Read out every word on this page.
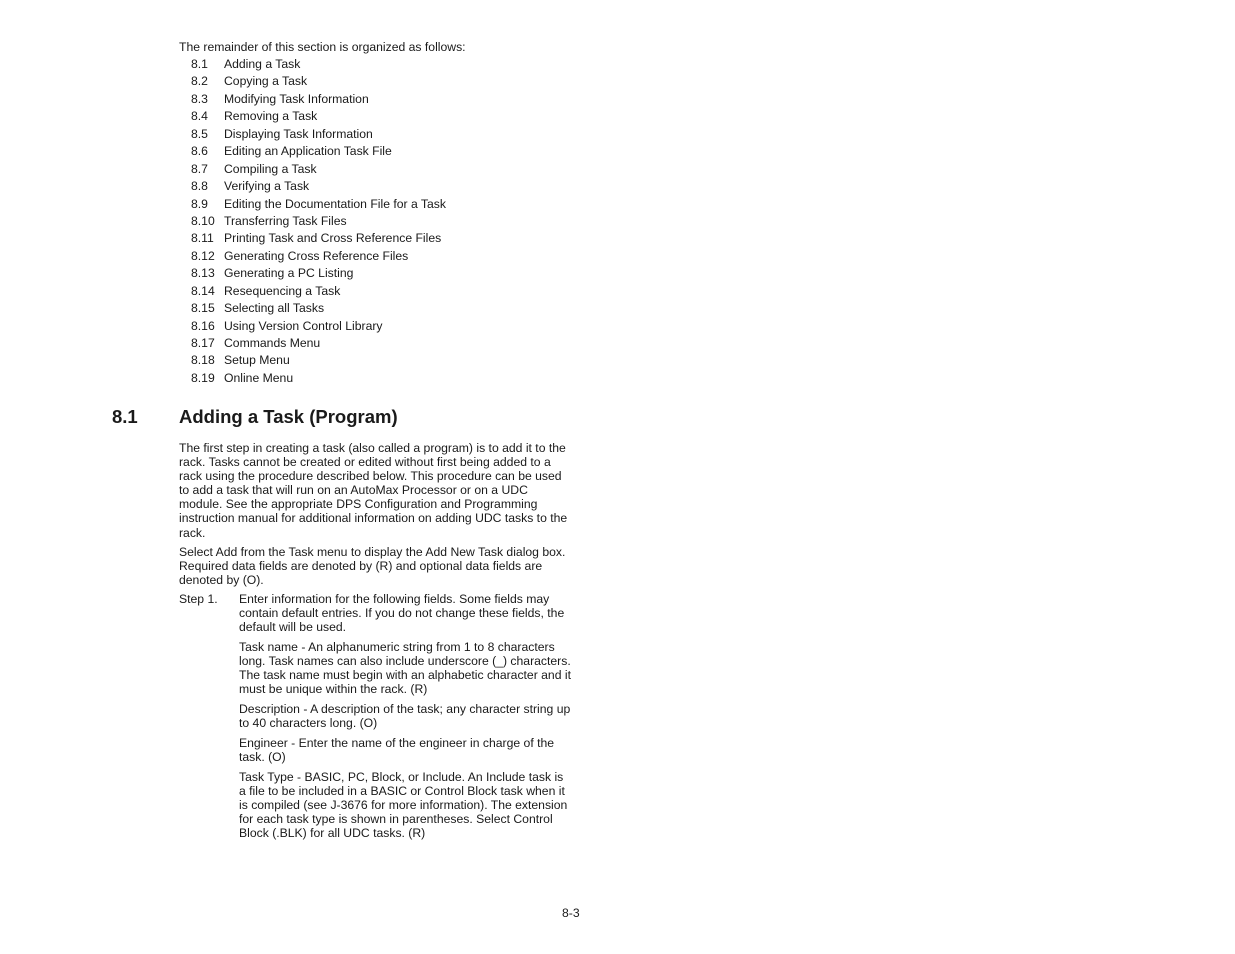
The remainder of this section is organized as follows:
8.1 Adding a Task
8.2 Copying a Task
8.3 Modifying Task Information
8.4 Removing a Task
8.5 Displaying Task Information
8.6 Editing an Application Task File
8.7 Compiling a Task
8.8 Verifying a Task
8.9 Editing the Documentation File for a Task
8.10 Transferring Task Files
8.11 Printing Task and Cross Reference Files
8.12 Generating Cross Reference Files
8.13 Generating a PC Listing
8.14 Resequencing a Task
8.15 Selecting all Tasks
8.16 Using Version Control Library
8.17 Commands Menu
8.18 Setup Menu
8.19 Online Menu
8.1 Adding a Task (Program)

The first step in creating a task (also called a program) is to add it to the rack. Tasks cannot be created or edited without first being added to a rack using the procedure described below. This procedure can be used to add a task that will run on an AutoMax Processor or on a UDC module. See the appropriate DPS Configuration and Programming instruction manual for additional information on adding UDC tasks to the rack.

Select Add from the Task menu to display the Add New Task dialog box. Required data fields are denoted by (R) and optional data fields are denoted by (O).

Step 1.	Enter information for the following fields. Some fields may contain default entries. If you do not change these fields, the default will be used.

Task name - An alphanumeric string from 1 to 8 characters long. Task names can also include underscore (_) characters. The task name must begin with an alphabetic character and it must be unique within the rack. (R)

Description - A description of the task; any character string up to 40 characters long. (O)

Engineer - Enter the name of the engineer in charge of the task. (O)

Task Type - BASIC, PC, Block, or Include. An Include task is a file to be included in a BASIC or Control Block task when it is compiled (see J-3676 for more information). The extension for each task type is shown in parentheses. Select Control Block (.BLK) for all UDC tasks. (R)

8-3
